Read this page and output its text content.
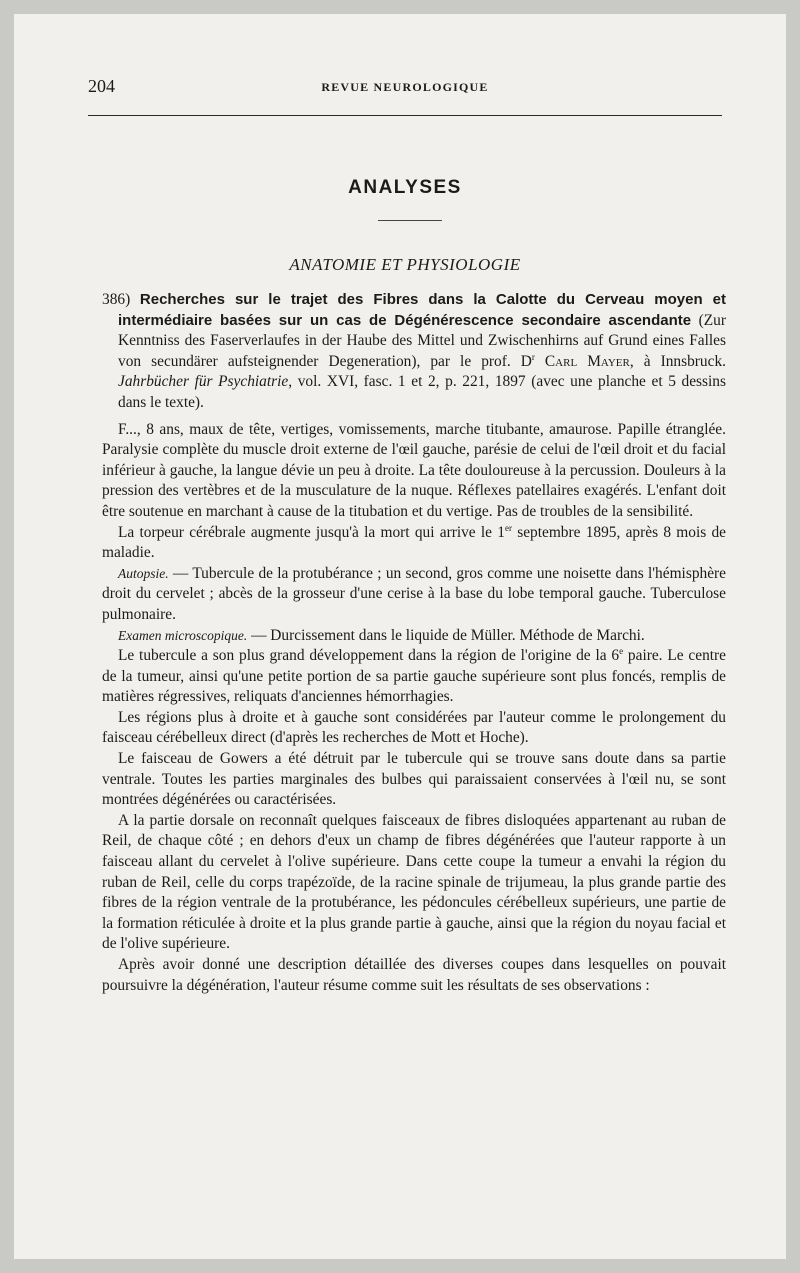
204	REVUE NEUROLOGIQUE
ANALYSES
ANATOMIE ET PHYSIOLOGIE

386) Recherches sur le trajet des Fibres dans la Calotte du Cerveau moyen et intermédiaire basées sur un cas de Dégénérescence secondaire ascendante (Zur Kenntniss des Faserverlaufes in der Haube des Mittel und Zwischenhirns auf Grund eines Falles von secundärer aufsteignender Degeneration), par le prof. $D^r$ Carl Mayer, à Innsbruck. Jahrbücher für Psychiatrie, vol. XVI, fasc. 1 et 2, p. 221, 1897 (avec une planche et 5 dessins dans le texte).

F..., 8 ans, maux de tête, vertiges, vomissements, marche titubante, amaurose. Papille étranglée. Paralysie complète du muscle droit externe de l'œil gauche, parésie de celui de l'œil droit et du facial inférieur à gauche, la langue dévie un peu à droite. La tête douloureuse à la percussion. Douleurs à la pression des vertèbres et de la musculature de la nuque. Réflexes patellaires exagérés. L'enfant doit être soutenue en marchant à cause de la titubation et du vertige. Pas de troubles de la sensibilité.

La torpeur cérébrale augmente jusqu'à la mort qui arrive le 1er septembre 1895, après 8 mois de maladie.

Autopsie. — Tubercule de la protubérance ; un second, gros comme une noisette dans l'hémisphère droit du cervelet ; abcès de la grosseur d'une cerise à la base du lobe temporal gauche. Tuberculose pulmonaire.

Examen microscopique. — Durcissement dans le liquide de Müller. Méthode de Marchi.

Le tubercule a son plus grand développement dans la région de l'origine de la 6e paire. Le centre de la tumeur, ainsi qu'une petite portion de sa partie gauche supérieure sont plus foncés, remplis de matières régressives, reliquats d'anciennes hémorrhagies.

Les régions plus à droite et à gauche sont considérées par l'auteur comme le prolongement du faisceau cérébelleux direct (d'après les recherches de Mott et Hoche).

Le faisceau de Gowers a été détruit par le tubercule qui se trouve sans doute dans sa partie ventrale. Toutes les parties marginales des bulbes qui paraissaient conservées à l'œil nu, se sont montrées dégénérées ou caractérisées.

A la partie dorsale on reconnaît quelques faisceaux de fibres disloquées appartenant au ruban de Reil, de chaque côté ; en dehors d'eux un champ de fibres dégénérées que l'auteur rapporte à un faisceau allant du cervelet à l'olive supérieure. Dans cette coupe la tumeur a envahi la région du ruban de Reil, celle du corps trapézoïde, de la racine spinale de trijumeau, la plus grande partie des fibres de la région ventrale de la protubérance, les pédoncules cérébelleux supérieurs, une partie de la formation réticulée à droite et la plus grande partie à gauche, ainsi que la région du noyau facial et de l'olive supérieure.

Après avoir donné une description détaillée des diverses coupes dans lesquelles on pouvait poursuivre la dégénération, l'auteur résume comme suit les résultats de ses observations :
